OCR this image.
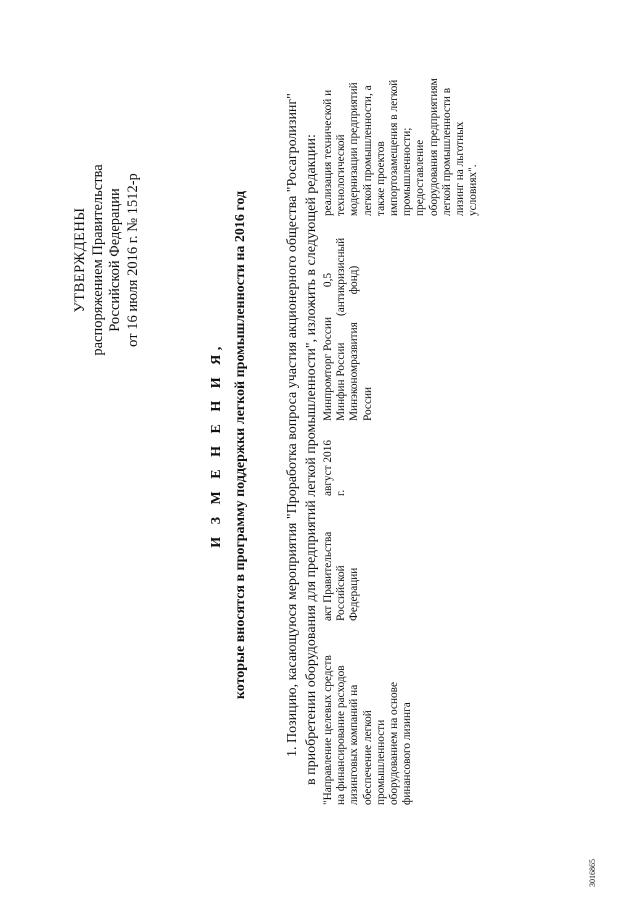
УТВЕРЖДЕНЫ распоряжением Правительства Российской Федерации от 16 июля 2016 г. № 1512-р
И З М Е Н Е Н И Я, которые вносятся в программу поддержки легкой промышленности на 2016 год	1. Позицию, касающуюся мероприятия "Проработка вопроса участия акционерного общества "Росагролизинг" в приобретении оборудования для предприятий легкой промышленности", изложить в следующей редакции: "Направление целевых средств на финансирование расходов лизинговых компаний на обеспечение легкой промышленности оборудованием на основе финансового лизинга
акт Правительства Российской Федерации
август 2016 г.
Минпромторг России Минфин России Минэкономразвития России
0,5 (антикризисный фонд)
реализация технической и технологической модернизации предприятий легкой промышленности, а также проектов импортозамещения в легкой промышленности; предоставление оборудования предприятиям легкой промышленности в лизинг на льготных условиях".
3016865
